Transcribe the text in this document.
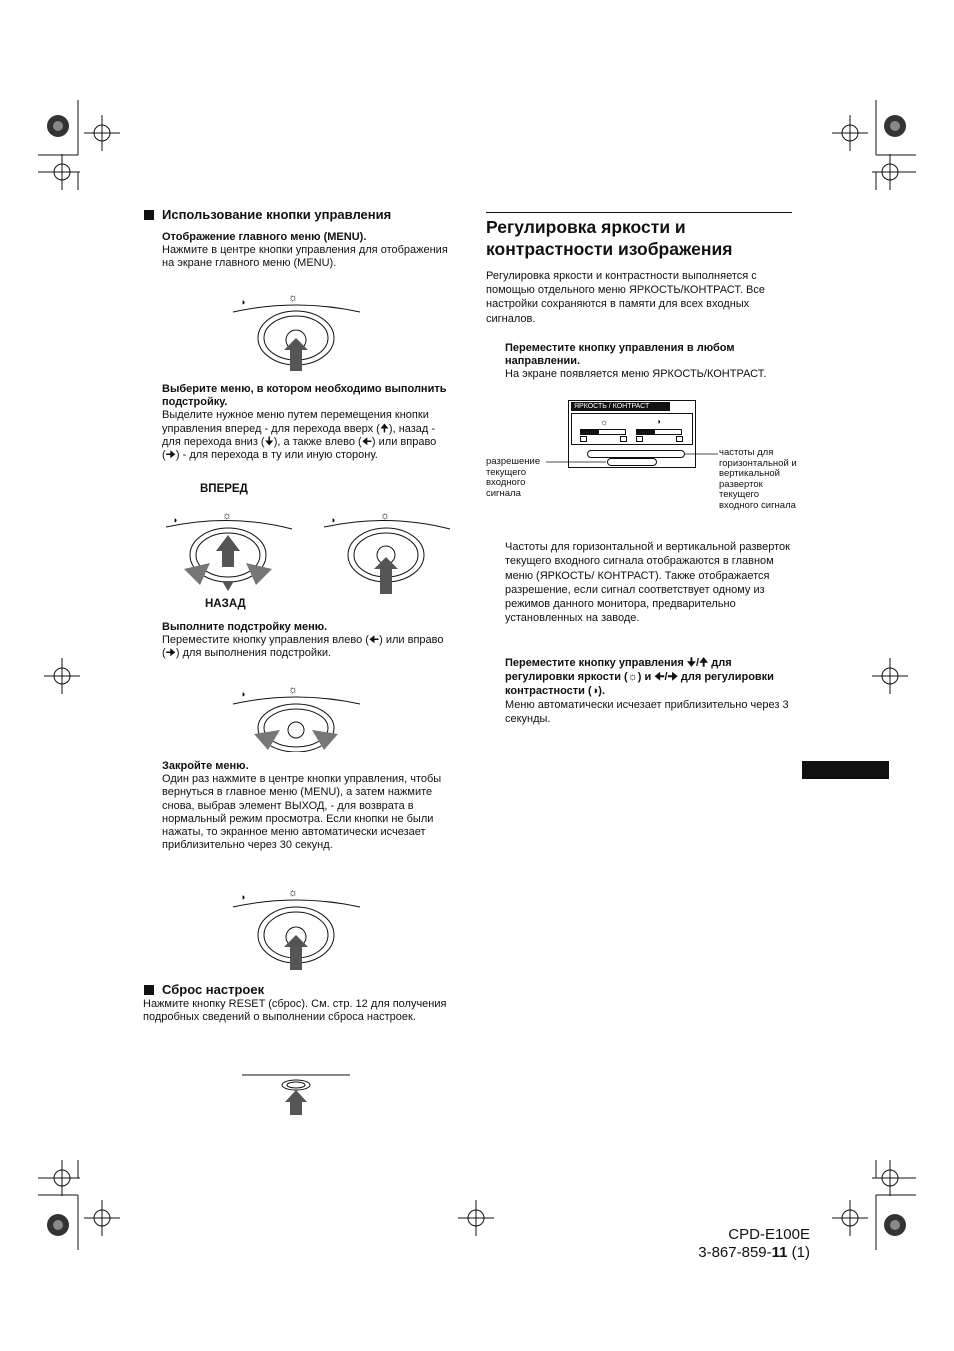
Использование кнопки управления
Отображение главного меню (MENU).
Нажмите в центре кнопки управления для отображения на экране главного меню (MENU).
◑	☼
Выберите меню, в котором необходимо выполнить подстройку.
Выделите нужное меню путем перемещения кнопки управления вперед - для перехода вверх (🠉), назад - для перехода вниз (🠋), а также влево (🠈) или вправо (🠊) - для перехода в ту или иную сторону.
ВПЕРЕД
◑	☼	◑	☼
НАЗАД
Выполните подстройку меню.
Переместите кнопку управления влево (🠈) или вправо (🠊) для выполнения подстройки.
◑	☼
Закройте меню.
Один раз нажмите в центре кнопки управления, чтобы вернуться в главное меню (MENU), а затем нажмите снова, выбрав элемент ВЫХОД, - для возврата в нормальный режим просмотра. Если кнопки не были нажаты, то экранное меню автоматически исчезает приблизительно через 30 секунд.
◑	☼
Сброс настроек
Нажмите кнопку RESET (сброс). См. стр. 12 для получения подробных сведений о выполнении сброса настроек.
Регулировка яркости и
контрастности изображения
Регулировка яркости и контрастности выполняется с помощью отдельного меню ЯРКОСТЬ/КОНТРАСТ. Все настройки сохраняются в памяти для всех входных сигналов.
Переместите кнопку управления в любом направлении.
На экране появляется меню ЯРКОСТЬ/КОНТРАСТ.
ЯРКОСТЬ / КОНТРАСТ
☼	◑
разрешение текущего входного сигнала
частоты для горизонтальной и вертикальной разверток текущего входного сигнала
Частоты для горизонтальной и вертикальной разверток текущего входного сигнала отображаются в главном меню (ЯРКОСТЬ/ КОНТРАСТ). Также отображается разрешение, если сигнал соответствует одному из режимов данного монитора, предварительно установленных на заводе.
Переместите кнопку управления 🠋/🠉 для регулировки яркости (☼) и 🠈/🠊 для регулировки контрастности (◑).
Меню автоматически исчезает приблизительно через 3 секунды.
CPD-E100E
3-867-859-11 (1)
